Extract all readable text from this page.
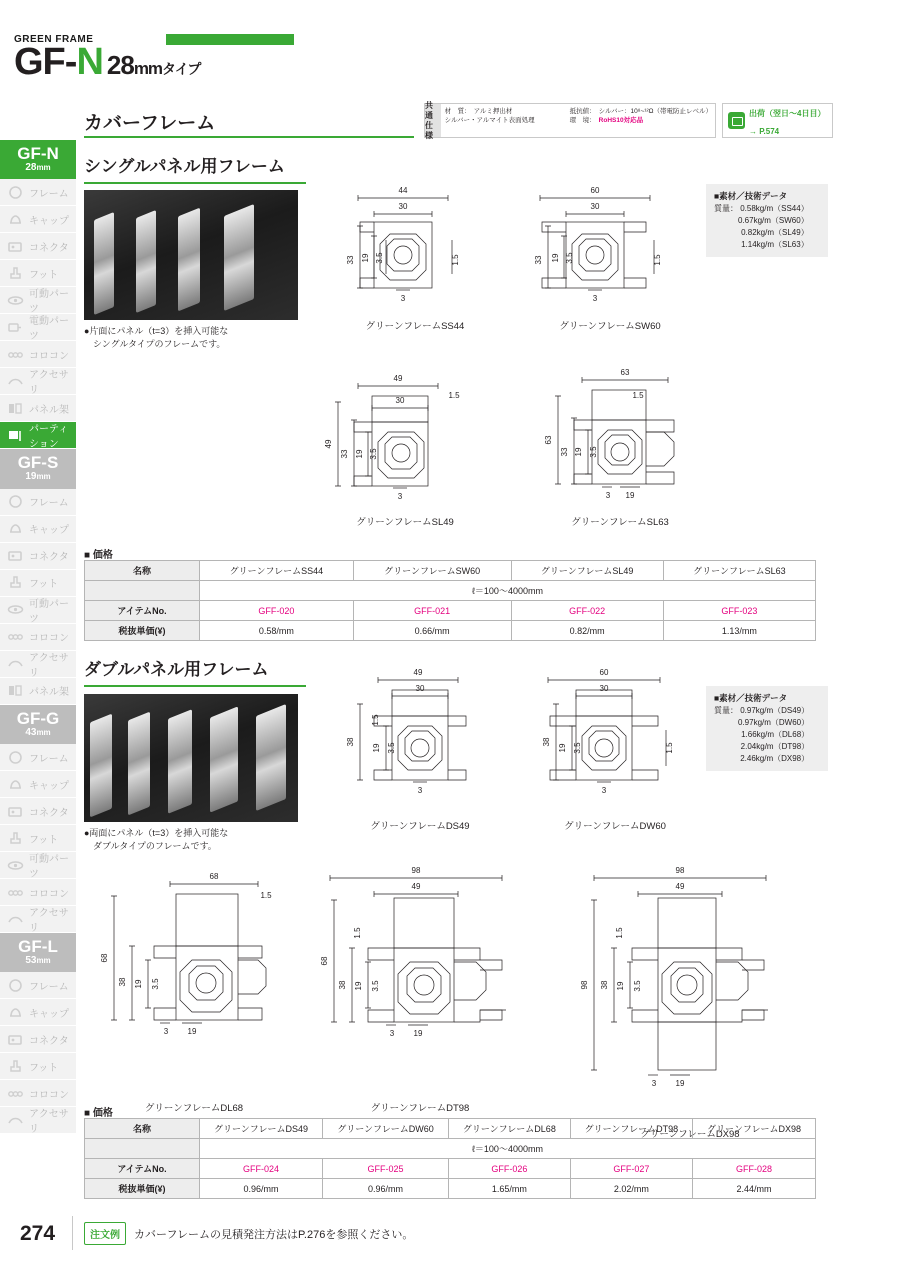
GREEN FRAME
GF-N 28mmタイプ
GF-N
28mm
フレーム
キャップ
コネクタ
フット
可動パーツ
電動パーツ
コロコン
アクセサリ
パネル架
パーティション
GF-S
19mm
フレーム
キャップ
コネクタ
フット
可動パーツ
コロコン
アクセサリ
パネル架
GF-G
43mm
フレーム
キャップ
コネクタ
フット
可動パーツ
コロコン
アクセサリ
GF-L
53mm
フレーム
キャップ
コネクタ
フット
コロコン
アクセサリ
カバーフレーム
共通
仕様
材　質： アルミ押出材
シルバー・アルマイト表面処理
抵抗値： シルバー：10⁸~¹²Ω（帯電防止レベル）
環　境： RoHS10対応品
出荷（翌日〜4日目）
→ P.574
シングルパネル用フレーム
●片面にパネル（t=3）を挿入可能な
　シングルタイプのフレームです。
■素材／技術データ
質量： 0.58kg/m（SS44）
0.67kg/m（SW60）
0.82kg/m（SL49）
1.14kg/m（SL63）
44
30
33 19 3.5
3
1.5
グリーンフレームSS44
60
30
33 19 3.5
3
1.5
グリーンフレームSW60
49
1.5
30
49
33 19 3.5
3
グリーンフレームSL49
63
1.5
63
33 19 3.5
3 19
グリーンフレームSL63
■ 価格
名称	グリーンフレームSS44	グリーンフレームSW60	グリーンフレームSL49	グリーンフレームSL63
	ℓ＝100〜4000mm			
アイテムNo.	GFF-020	GFF-021	GFF-022	GFF-023
税抜単価(¥)	0.58/mm	0.66/mm	0.82/mm	1.13/mm
ダブルパネル用フレーム
●両面にパネル（t=3）を挿入可能な
　ダブルタイプのフレームです。
■素材／技術データ
質量： 0.97kg/m（DS49）
0.97kg/m（DW60）
1.66kg/m（DL68）
2.04kg/m（DT98）
2.46kg/m（DX98）
49
30
38
1.5
19 3.5
3
グリーンフレームDS49
60
30
38
19 3.5
3
1.5
グリーンフレームDW60
68
1.5
68
38 19 3.5
3 19
98
49
68
38
1.5
19 3.5
3 19
98
49
98 38
1.5
19 3.5
3 19
グリーンフレームDL68	グリーンフレームDT98
グリーンフレームDX98
■ 価格
名称	グリーンフレームDS49	グリーンフレームDW60	グリーンフレームDL68	グリーンフレームDT98	グリーンフレームDX98
	ℓ＝100〜4000mm				
アイテムNo.	GFF-024	GFF-025	GFF-026	GFF-027	GFF-028
税抜単価(¥)	0.96/mm	0.96/mm	1.65/mm	2.02/mm	2.44/mm
274	注文例	カバーフレームの見積発注方法はP.276を参照ください。
